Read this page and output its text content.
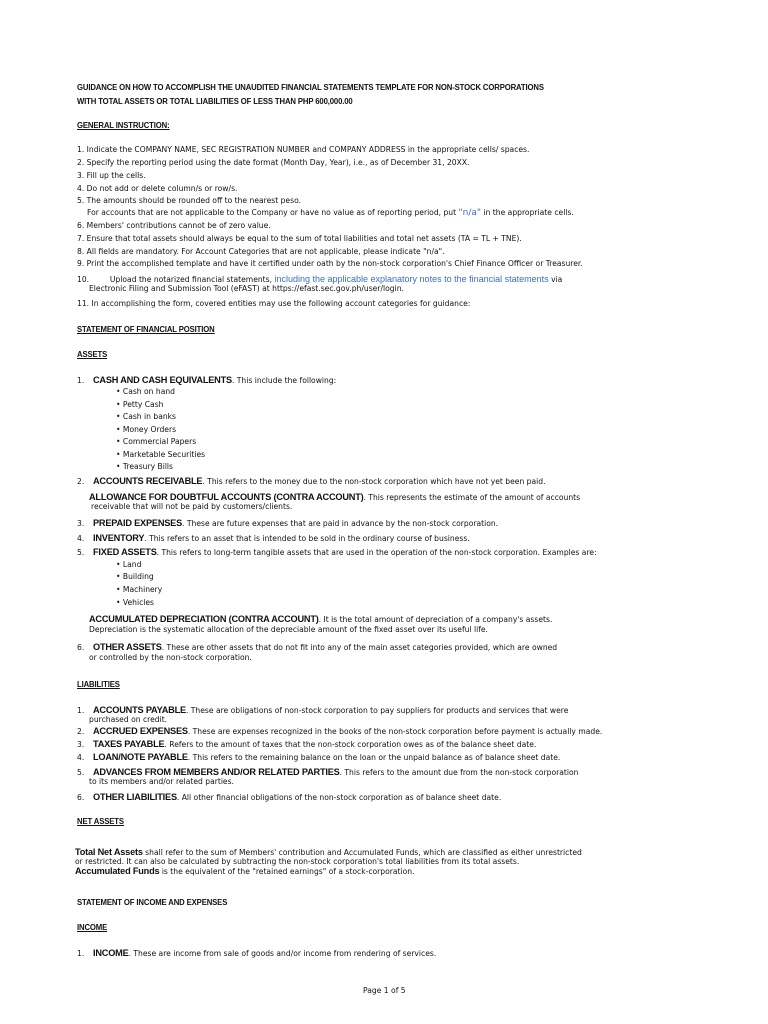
GUIDANCE ON HOW TO ACCOMPLISH THE UNAUDITED FINANCIAL STATEMENTS TEMPLATE FOR NON-STOCK CORPORATIONS
WITH TOTAL ASSETS OR TOTAL LIABILITIES OF LESS THAN PHP 600,000.00
GENERAL INSTRUCTION:
1. Indicate the COMPANY NAME, SEC REGISTRATION NUMBER and COMPANY ADDRESS in the appropriate cells/ spaces.
2. Specify the reporting period using the date format (Month Day, Year), i.e., as of December 31, 20XX.
3. Fill up the cells.
4. Do not add or delete column/s or row/s.
5. The amounts should be rounded off to the nearest peso.
For accounts that are not applicable to the Company or have no value as of reporting period, put "n/a" in the appropriate cells.
6. Members' contributions cannot be of zero value.
7. Ensure that total assets should always be equal to the sum of total liabilities and total net assets (TA = TL + TNE).
8. All fields are mandatory. For Account Categories that are not applicable, please indicate "n/a".
9. Print the accomplished template and have it certified under oath by the non-stock corporation's Chief Finance Officer or Treasurer.
10.	Upload the notarized financial statements, including the applicable explanatory notes to the financial statements via
Electronic Filing and Submission Tool (eFAST) at https://efast.sec.gov.ph/user/login.
11. In accomplishing the form, covered entities may use the following account categories for guidance:
STATEMENT OF FINANCIAL POSITION
ASSETS
1. CASH AND CASH EQUIVALENTS. This include the following:
• Cash on hand
• Petty Cash
• Cash in banks
• Money Orders
• Commercial Papers
• Marketable Securities
• Treasury Bills
2. ACCOUNTS RECEIVABLE. This refers to the money due to the non-stock corporation which have not yet been paid.
ALLOWANCE FOR DOUBTFUL ACCOUNTS (CONTRA ACCOUNT). This represents the estimate of the amount of accounts
receivable that will not be paid by customers/clients.
3. PREPAID EXPENSES. These are future expenses that are paid in advance by the non-stock corporation.
4. INVENTORY. This refers to an asset that is intended to be sold in the ordinary course of business.
5. FIXED ASSETS. This refers to long-term tangible assets that are used in the operation of the non-stock corporation. Examples are:
• Land
• Building
• Machinery
• Vehicles
ACCUMULATED DEPRECIATION (CONTRA ACCOUNT). It is the total amount of depreciation of a company's assets.
Depreciation is the systematic allocation of the depreciable amount of the fixed asset over its useful life.
6. OTHER ASSETS. These are other assets that do not fit into any of the main asset categories provided, which are owned
or controlled by the non-stock corporation.
LIABILITIES
1. ACCOUNTS PAYABLE. These are obligations of non-stock corporation to pay suppliers for products and services that were
purchased on credit.
2. ACCRUED EXPENSES. These are expenses recognized in the books of the non-stock corporation before payment is actually made.
3. TAXES PAYABLE. Refers to the amount of taxes that the non-stock corporation owes as of the balance sheet date.
4. LOAN/NOTE PAYABLE. This refers to the remaining balance on the loan or the unpaid balance as of balance sheet date.
5. ADVANCES FROM MEMBERS AND/OR RELATED PARTIES. This refers to the amount due from the non-stock corporation
to its members and/or related parties.
6. OTHER LIABILITIES. All other financial obligations of the non-stock corporation as of balance sheet date.
NET ASSETS
Total Net Assets shall refer to the sum of Members' contribution and Accumulated Funds, which are classified as either unrestricted
or restricted. It can also be calculated by subtracting the non-stock corporation's total liabilities from its total assets.
Accumulated Funds is the equivalent of the "retained earnings" of a stock-corporation.
STATEMENT OF INCOME AND EXPENSES
INCOME
1. INCOME. These are income from sale of goods and/or income from rendering of services.
Page 1 of 5
